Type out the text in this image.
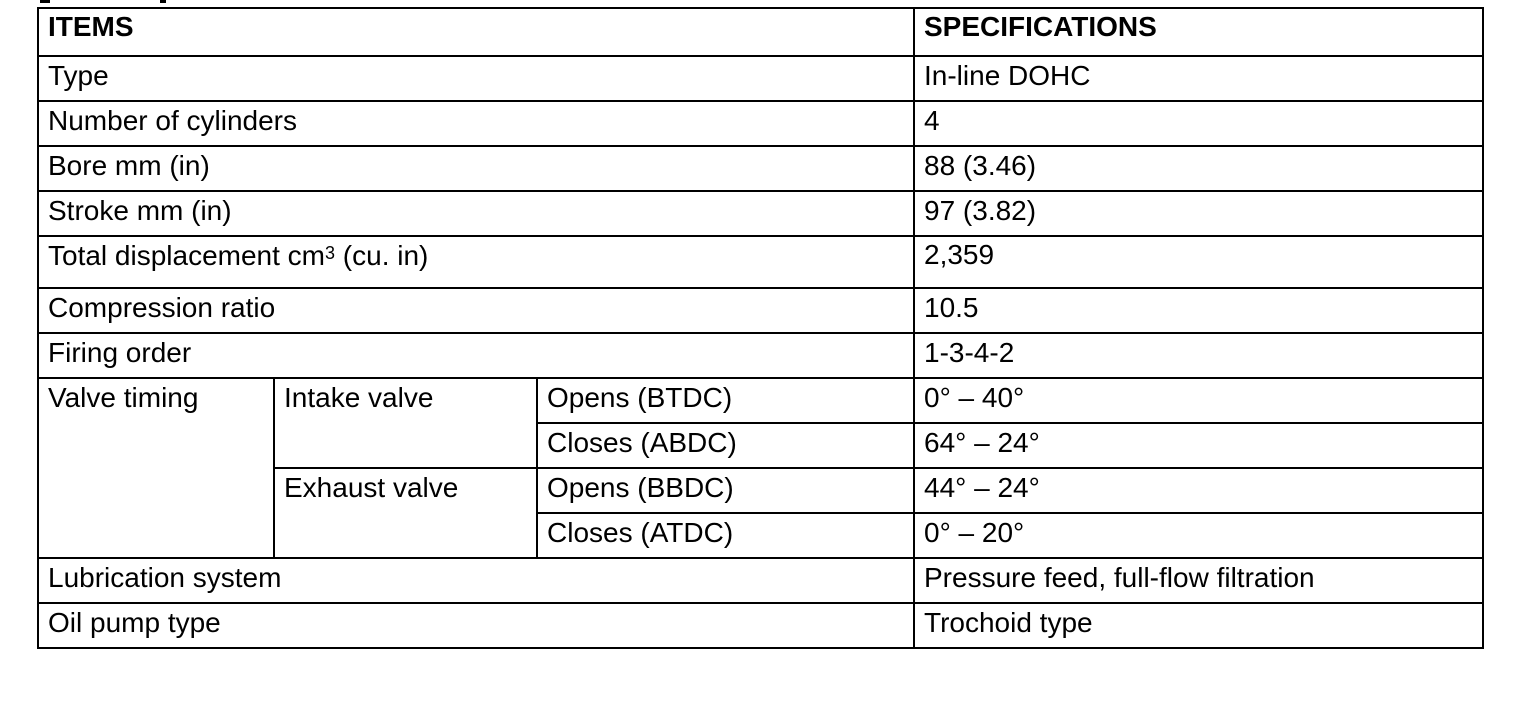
ITEMS			SPECIFICATIONS
Type			In-line DOHC
Number of cylinders			4
Bore mm (in)			88 (3.46)
Stroke mm (in)			97 (3.82)
Total displacement $cm^3$ (cu. in)			2,359
Compression ratio			10.5
Firing order			1-3-4-2
Valve timing	Intake valve	Opens (BTDC)	0° – 40°
		Closes (ABDC)	64° – 24°
	Exhaust valve	Opens (BBDC)	44° – 24°
		Closes (ATDC)	0° – 20°
Lubrication system			Pressure feed, full-flow filtration
Oil pump type			Trochoid type
